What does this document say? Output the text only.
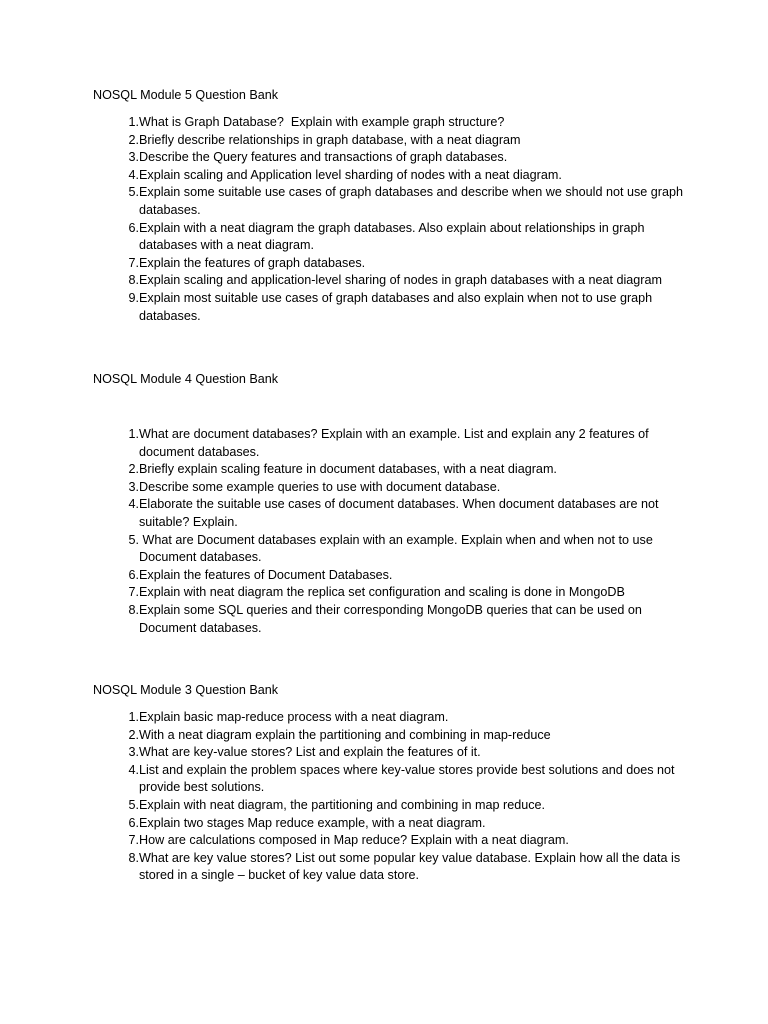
NOSQL Module 5 Question Bank
1. What is Graph Database?  Explain with example graph structure?
2. Briefly describe relationships in graph database, with a neat diagram
3. Describe the Query features and transactions of graph databases.
4. Explain scaling and Application level sharding of nodes with a neat diagram.
5. Explain some suitable use cases of graph databases and describe when we should not use graph databases.
6. Explain with a neat diagram the graph databases. Also explain about relationships in graph databases with a neat diagram.
7. Explain the features of graph databases.
8. Explain scaling and application-level sharing of nodes in graph databases with a neat diagram
9. Explain most suitable use cases of graph databases and also explain when not to use graph databases.
NOSQL Module 4 Question Bank
1. What are document databases? Explain with an example. List and explain any 2 features of document databases.
2. Briefly explain scaling feature in document databases, with a neat diagram.
3. Describe some example queries to use with document database.
4. Elaborate the suitable use cases of document databases. When document databases are not suitable? Explain.
5. What are Document databases explain with an example. Explain when and when not to use Document databases.
6. Explain the features of Document Databases.
7. Explain with neat diagram the replica set configuration and scaling is done in MongoDB
8. Explain some SQL queries and their corresponding MongoDB queries that can be used on Document databases.
NOSQL Module 3 Question Bank
1. Explain basic map-reduce process with a neat diagram.
2. With a neat diagram explain the partitioning and combining in map-reduce
3. What are key-value stores? List and explain the features of it.
4. List and explain the problem spaces where key-value stores provide best solutions and does not provide best solutions.
5. Explain with neat diagram, the partitioning and combining in map reduce.
6. Explain two stages Map reduce example, with a neat diagram.
7. How are calculations composed in Map reduce? Explain with a neat diagram.
8. What are key value stores? List out some popular key value database. Explain how all the data is stored in a single – bucket of key value data store.
